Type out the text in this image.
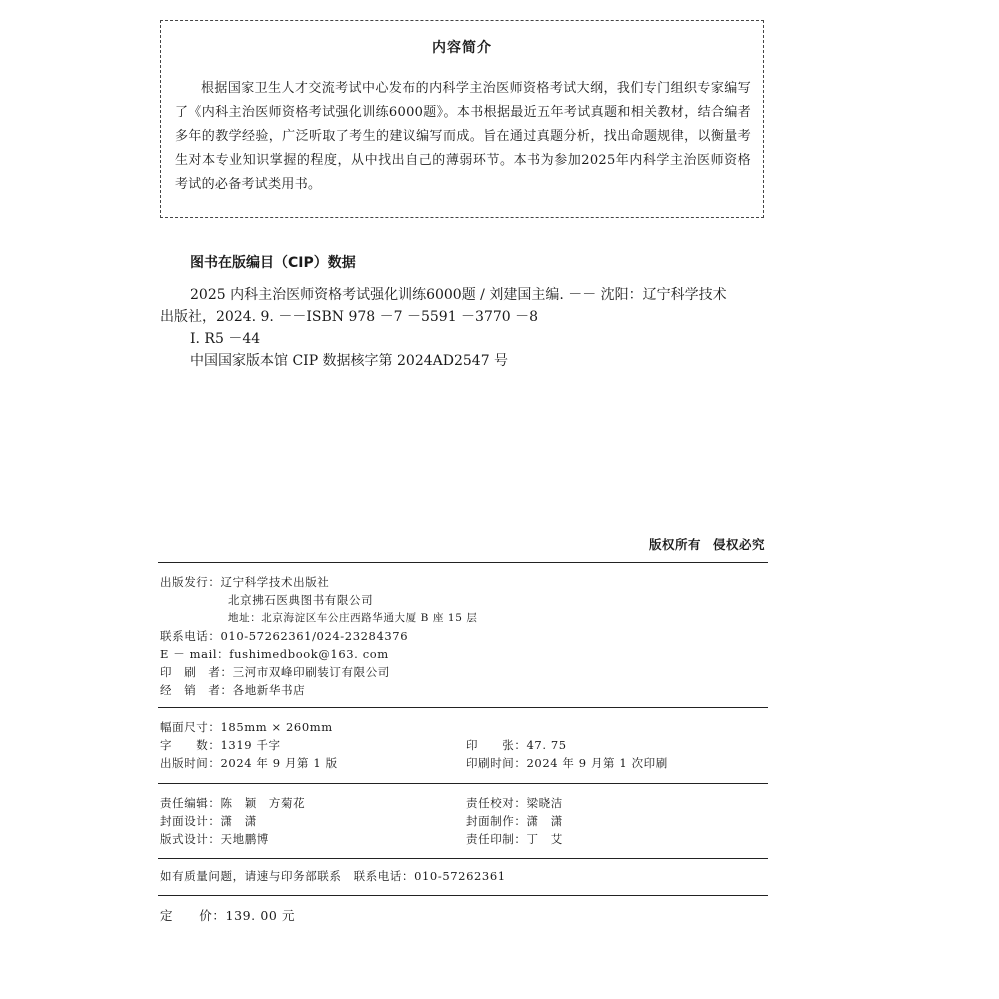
内容简介
根据国家卫生人才交流考试中心发布的内科学主治医师资格考试大纲，我们专门组织专家编写了《内科主治医师资格考试强化训练6000题》。本书根据最近五年考试真题和相关教材，结合编者多年的教学经验，广泛听取了考生的建议编写而成。旨在通过真题分析，找出命题规律，以衡量考生对本专业知识掌握的程度，从中找出自己的薄弱环节。本书为参加2025年内科学主治医师资格考试的必备考试类用书。
图书在版编目（CIP）数据
2025 内科主治医师资格考试强化训练6000题 / 刘建国主编. －－ 沈阳：辽宁科学技术
出版社，2024. 9. －－ISBN 978 －7 －5591 －3770 －8
Ⅰ. R5 －44
中国国家版本馆 CIP 数据核字第 2024AD2547 号
版权所有 侵权必究
出版发行：辽宁科学技术出版社
北京拂石医典图书有限公司
地址：北京海淀区车公庄西路华通大厦 B 座 15 层
联系电话：010-57262361/024-23284376
E － mail：fushimedbook@163. com
印　刷　者：三河市双峰印刷装订有限公司
经　销　者：各地新华书店
幅面尺寸：185mm × 260mm
字　　数：1319 千字	印　　张：47. 75
出版时间：2024 年 9 月第 1 版	印刷时间：2024 年 9 月第 1 次印刷
责任编辑：陈　颖　方菊花	责任校对：梁晓洁
封面设计：潇　潇	封面制作：潇　潇
版式设计：天地鹏博	责任印制：丁　艾
如有质量问题，请速与印务部联系　联系电话：010-57262361
定　　价：139. 00 元
